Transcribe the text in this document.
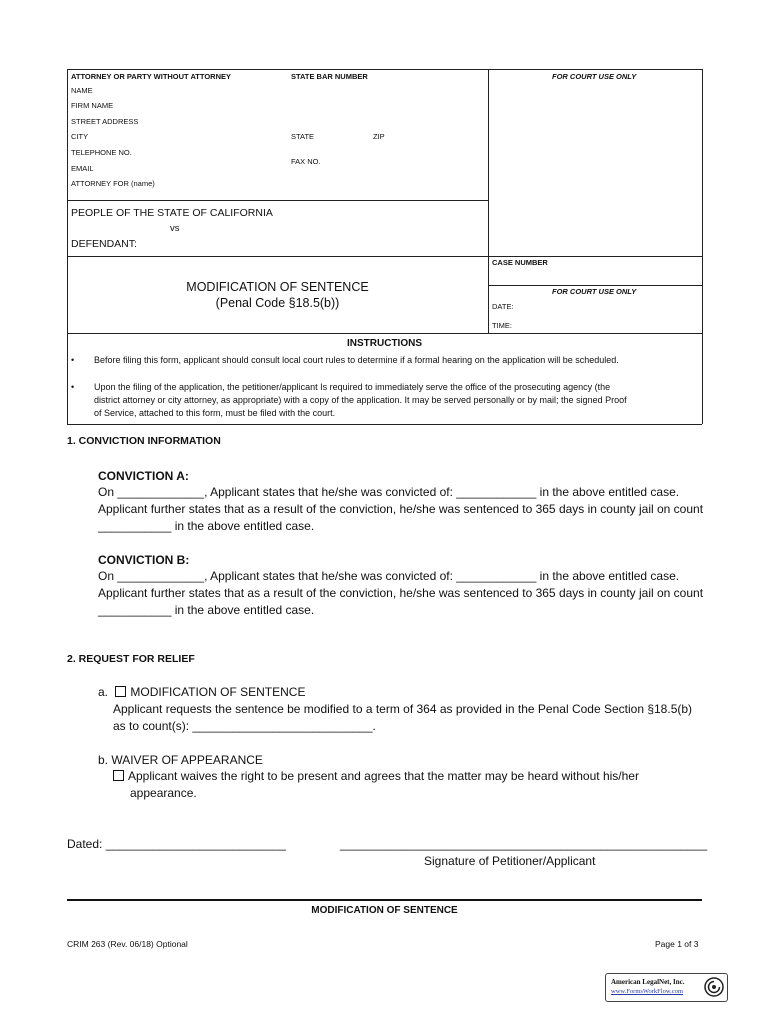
ATTORNEY OR PARTY WITHOUT ATTORNEY	STATE BAR NUMBER	FOR COURT USE ONLY
NAME
FIRM NAME
STREET ADDRESS
CITY	STATE	ZIP
TELEPHONE NO.
FAX NO.
EMAIL
ATTORNEY FOR (name)
PEOPLE OF THE STATE OF CALIFORNIA
vs
DEFENDANT:
CASE NUMBER
FOR COURT USE ONLY
DATE:
TIME:
MODIFICATION OF SENTENCE
(Penal Code §18.5(b))
INSTRUCTIONS
• Before filing this form, applicant should consult local court rules to determine if a formal hearing on the application will be scheduled.
• Upon the filing of the application, the petitioner/applicant Is required to immediately serve the office of the prosecuting agency (the
district attorney or city attorney, as appropriate) with a copy of the application. It may be served personally or by mail; the signed Proof
of Service, attached to this form, must be filed with the court.
1. CONVICTION INFORMATION
CONVICTION A:
On _____________, Applicant states that he/she was convicted of: ____________ in the above entitled case.
Applicant further states that as a result of the conviction, he/she was sentenced to 365 days in county jail on count
___________ in the above entitled case.
CONVICTION B:
On _____________, Applicant states that he/she was convicted of: ____________ in the above entitled case.
Applicant further states that as a result of the conviction, he/she was sentenced to 365 days in county jail on count
___________ in the above entitled case.
2. REQUEST FOR RELIEF
a. MODIFICATION OF SENTENCE
Applicant requests the sentence be modified to a term of 364 as provided in the Penal Code Section §18.5(b)
as to count(s): ___________________________.
b. WAIVER OF APPEARANCE
Applicant waives the right to be present and agrees that the matter may be heard without his/her
appearance.
Dated: ___________________________	_______________________________________________________
Signature of Petitioner/Applicant
MODIFICATION OF SENTENCE
CRIM 263 (Rev. 06/18) Optional	Page 1 of 3
American LegalNet, Inc.
www.FormsWorkFlow.com
